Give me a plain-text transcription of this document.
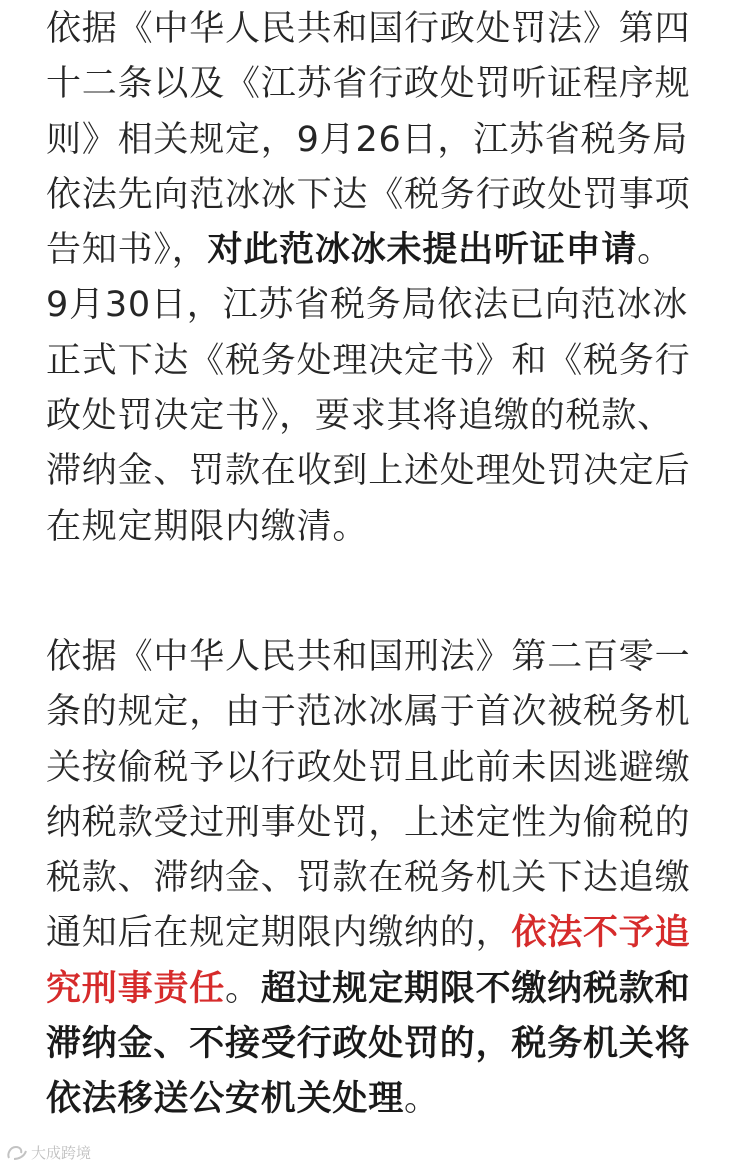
依据《中华人民共和国行政处罚法》第四
十二条以及《江苏省行政处罚听证程序规
则》相关规定，9月26日，江苏省税务局
依法先向范冰冰下达《税务行政处罚事项
告知书》，对此范冰冰未提出听证申请。
9月30日，江苏省税务局依法已向范冰冰
正式下达《税务处理决定书》和《税务行
政处罚决定书》，要求其将追缴的税款、
滞纳金、罚款在收到上述处理处罚决定后
在规定期限内缴清。
依据《中华人民共和国刑法》第二百零一
条的规定，由于范冰冰属于首次被税务机
关按偷税予以行政处罚且此前未因逃避缴
纳税款受过刑事处罚，上述定性为偷税的
税款、滞纳金、罚款在税务机关下达追缴
通知后在规定期限内缴纳的，依法不予追
究刑事责任。超过规定期限不缴纳税款和
滞纳金、不接受行政处罚的，税务机关将
依法移送公安机关处理。
大成跨境
